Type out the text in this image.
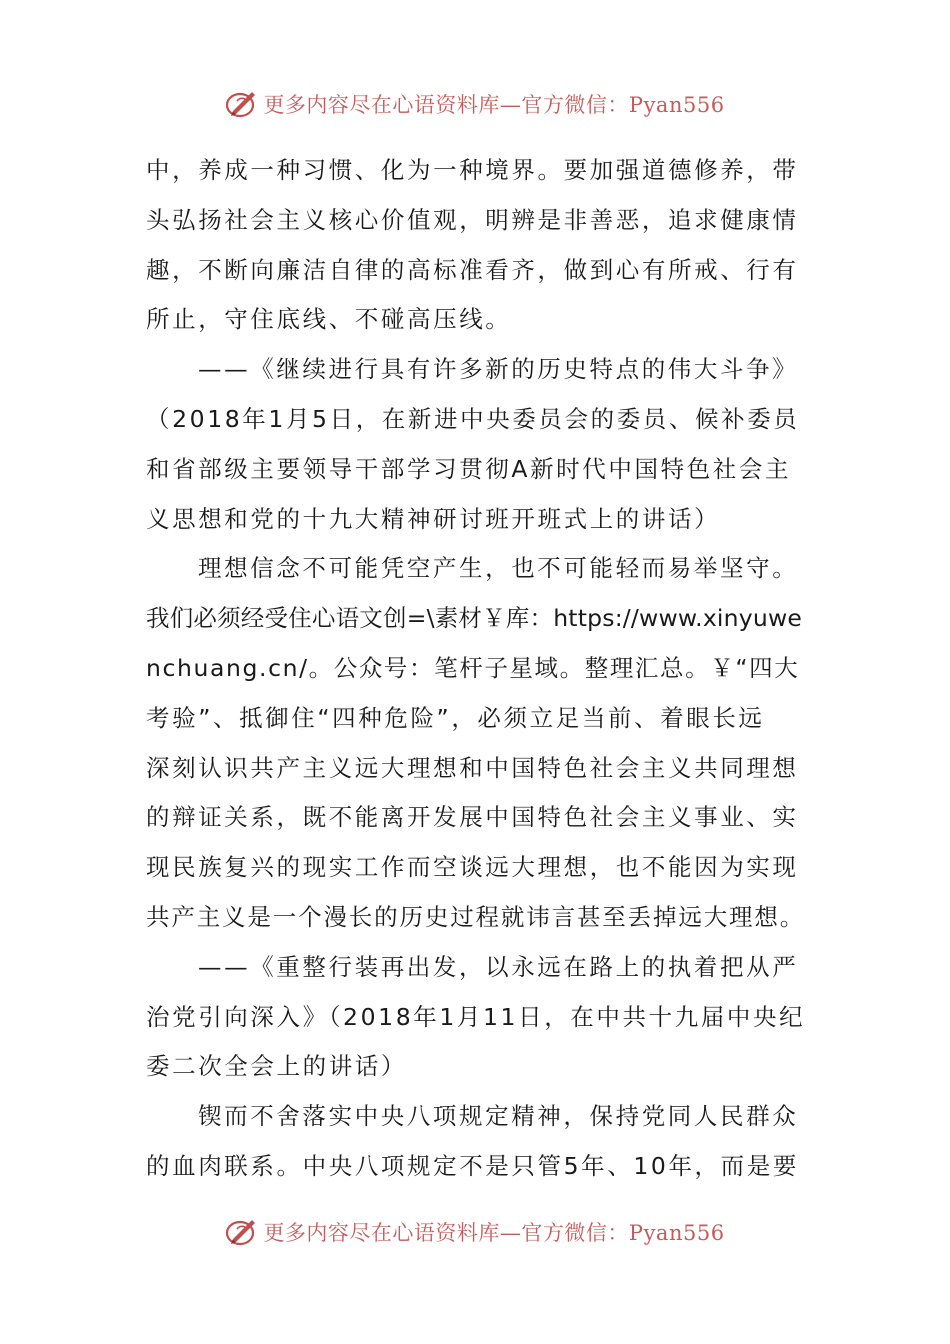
更多内容尽在心语资料库—官方微信：Pyan556
中，养成一种习惯、化为一种境界。要加强道德修养，带
头弘扬社会主义核心价值观，明辨是非善恶，追求健康情
趣，不断向廉洁自律的高标准看齐，做到心有所戒、行有
所止，守住底线、不碰高压线。
——《继续进行具有许多新的历史特点的伟大斗争》
（2018年1月5日，在新进中央委员会的委员、候补委员
和省部级主要领导干部学习贯彻A新时代中国特色社会主
义思想和党的十九大精神研讨班开班式上的讲话）
理想信念不可能凭空产生，也不可能轻而易举坚守。
我们必须经受住心语文创=\素材￥库：https://www.xinyuwe
nchuang.cn/。公众号：笔杆子星域。整理汇总。￥“四大
考验”、抵御住“四种危险”，必须立足当前、着眼长远
深刻认识共产主义远大理想和中国特色社会主义共同理想
的辩证关系，既不能离开发展中国特色社会主义事业、实
现民族复兴的现实工作而空谈远大理想，也不能因为实现
共产主义是一个漫长的历史过程就讳言甚至丢掉远大理想。
——《重整行装再出发，以永远在路上的执着把从严
治党引向深入》（2018年1月11日，在中共十九届中央纪
委二次全会上的讲话）
锲而不舍落实中央八项规定精神，保持党同人民群众
的血肉联系。中央八项规定不是只管5年、10年，而是要
更多内容尽在心语资料库—官方微信：Pyan556
